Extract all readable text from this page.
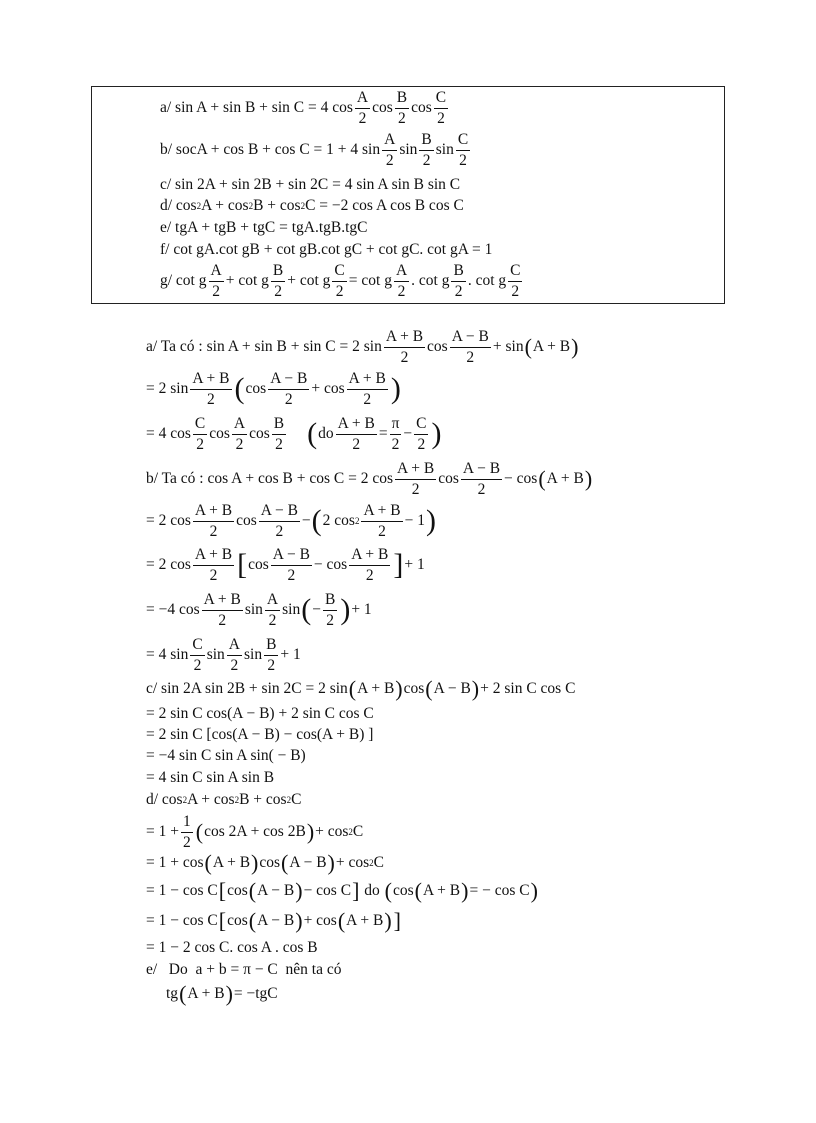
a/ sin A + sin B + sin C = 4 $\cos \frac{A}{2}$ $\cos \frac{B}{2}$ $\cos \frac{C}{2}$
b/ socA + cos B + cos C = 1 + 4 $\sin \frac{A}{2}$ $\sin \frac{B}{2}$ $\sin \frac{C}{2}$
c/ sin 2A + sin 2B + sin 2C = 4 sin A sin B sin C
d/ cos 2 A + cos 2 B + cos 2 C = −2 cos A cos B cos C
e/ tgA + tgB + tgC = tgA.tgB.tgC
f/ cot gA.cot gB + cot gB.cot gC + cot gC. cot gA = 1
g/ cot g $\frac{A}{2} + \cot g \frac{B}{2} + \cot g \frac{C}{2} = \cot g \frac{A}{2}$ . cot g $\frac{B}{2}$ . cot g $\frac{C}{2}$
a/ Ta có : sin A + sin B + sin C = 2 $\sin \frac{A + B}{2}$ $\cos \frac{A - B}{2} + \sin$ ( A + B )
= 2 $\sin \frac{A + B}{2}$ ( $\cos \frac{A - B}{2} + \cos \frac{A + B}{2}$ )
= 4 $\cos \frac{C}{2}$ $\cos \frac{A}{2}$ $\cos \frac{B}{2}$ ( do $\frac{A + B}{2} = \frac{\pi}{2} - \frac{C}{2}$ )
b/ Ta có : cos A + cos B + cos C = 2 $\cos \frac{A + B}{2}$ $\cos \frac{A - B}{2} - \cos$ ( A + B )
= 2 $\cos \frac{A + B}{2}$ $\cos \frac{A - B}{2}$ − ( 2 $\cos 2 \frac{A + B}{2} - 1$ )
= 2 $\cos \frac{A + B}{2}$ [ $\cos \frac{A - B}{2} - \cos \frac{A + B}{2}$ ] + 1
= −4 $\cos \frac{A + B}{2}$ $\sin \frac{A}{2}$ sin ( − $\frac{B}{2}$ ) + 1
= 4 $\sin \frac{C}{2}$ $\sin \frac{A}{2}$ $\sin \frac{B}{2} + 1$
c/ sin 2A sin 2B + sin 2C = 2 sin ( A + B ) cos ( A − B ) + 2 sin C cos C
= 2 sin C cos(A − B) + 2 sin C cos C
= 2 sin C [cos(A − B) − cos(A + B) ]
= −4 sin C sin A sin( − B)
= 4 sin C sin A sin B
d/ cos 2 A + cos 2 B + cos 2 C
= $1 + \frac{1}{2}$ ( cos 2A + cos 2B ) + cos 2 C
= 1 + cos ( A + B ) cos ( A − B ) + cos 2 C
= 1 − cos C [ cos ( A − B ) − cos C ] do ( cos ( A + B ) = − cos C )
= 1 − cos C [ cos ( A − B ) + cos ( A + B ) ]
= 1 − 2 cos C. cos A . cos B
e/   Do  a + b = π − C  nên ta có
tg ( A + B ) = −tgC
